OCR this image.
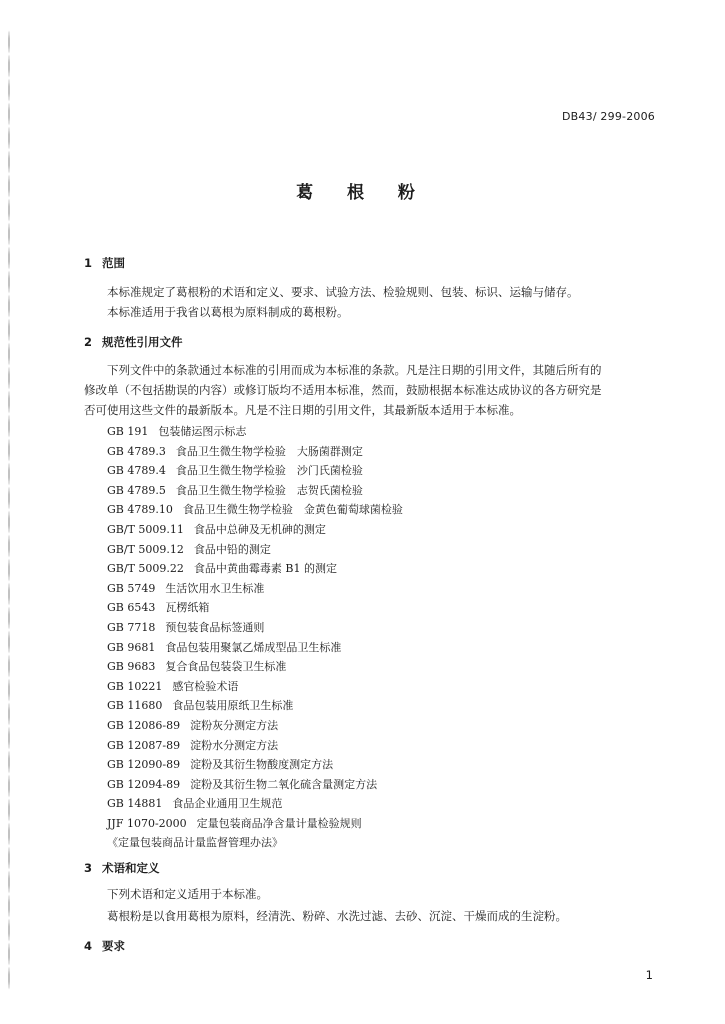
DB43/ 299-2006
葛 根 粉
1 范围
本标准规定了葛根粉的术语和定义、要求、试验方法、检验规则、包装、标识、运输与储存。
本标准适用于我省以葛根为原料制成的葛根粉。
2 规范性引用文件
下列文件中的条款通过本标准的引用而成为本标准的条款。凡是注日期的引用文件，其随后所有的
修改单（不包括勘误的内容）或修订版均不适用本标准，然而，鼓励根据本标准达成协议的各方研究是
否可使用这些文件的最新版本。凡是不注日期的引用文件，其最新版本适用于本标准。
GB 191 包装储运图示标志
GB 4789.3 食品卫生微生物学检验　大肠菌群测定
GB 4789.4 食品卫生微生物学检验　沙门氏菌检验
GB 4789.5 食品卫生微生物学检验　志贺氏菌检验
GB 4789.10 食品卫生微生物学检验　金黄色葡萄球菌检验
GB/T 5009.11 食品中总砷及无机砷的测定
GB/T 5009.12 食品中铅的测定
GB/T 5009.22 食品中黄曲霉毒素 B1 的测定
GB 5749 生活饮用水卫生标准
GB 6543 瓦楞纸箱
GB 7718 预包装食品标签通则
GB 9681 食品包装用聚氯乙烯成型品卫生标准
GB 9683 复合食品包装袋卫生标准
GB 10221 感官检验术语
GB 11680 食品包装用原纸卫生标准
GB 12086-89 淀粉灰分测定方法
GB 12087-89 淀粉水分测定方法
GB 12090-89 淀粉及其衍生物酸度测定方法
GB 12094-89 淀粉及其衍生物二氧化硫含量测定方法
GB 14881 食品企业通用卫生规范
JJF 1070-2000 定量包装商品净含量计量检验规则
《定量包装商品计量监督管理办法》
3 术语和定义
下列术语和定义适用于本标准。
葛根粉是以食用葛根为原料，经清洗、粉碎、水洗过滤、去砂、沉淀、干燥而成的生淀粉。
4 要求
1
